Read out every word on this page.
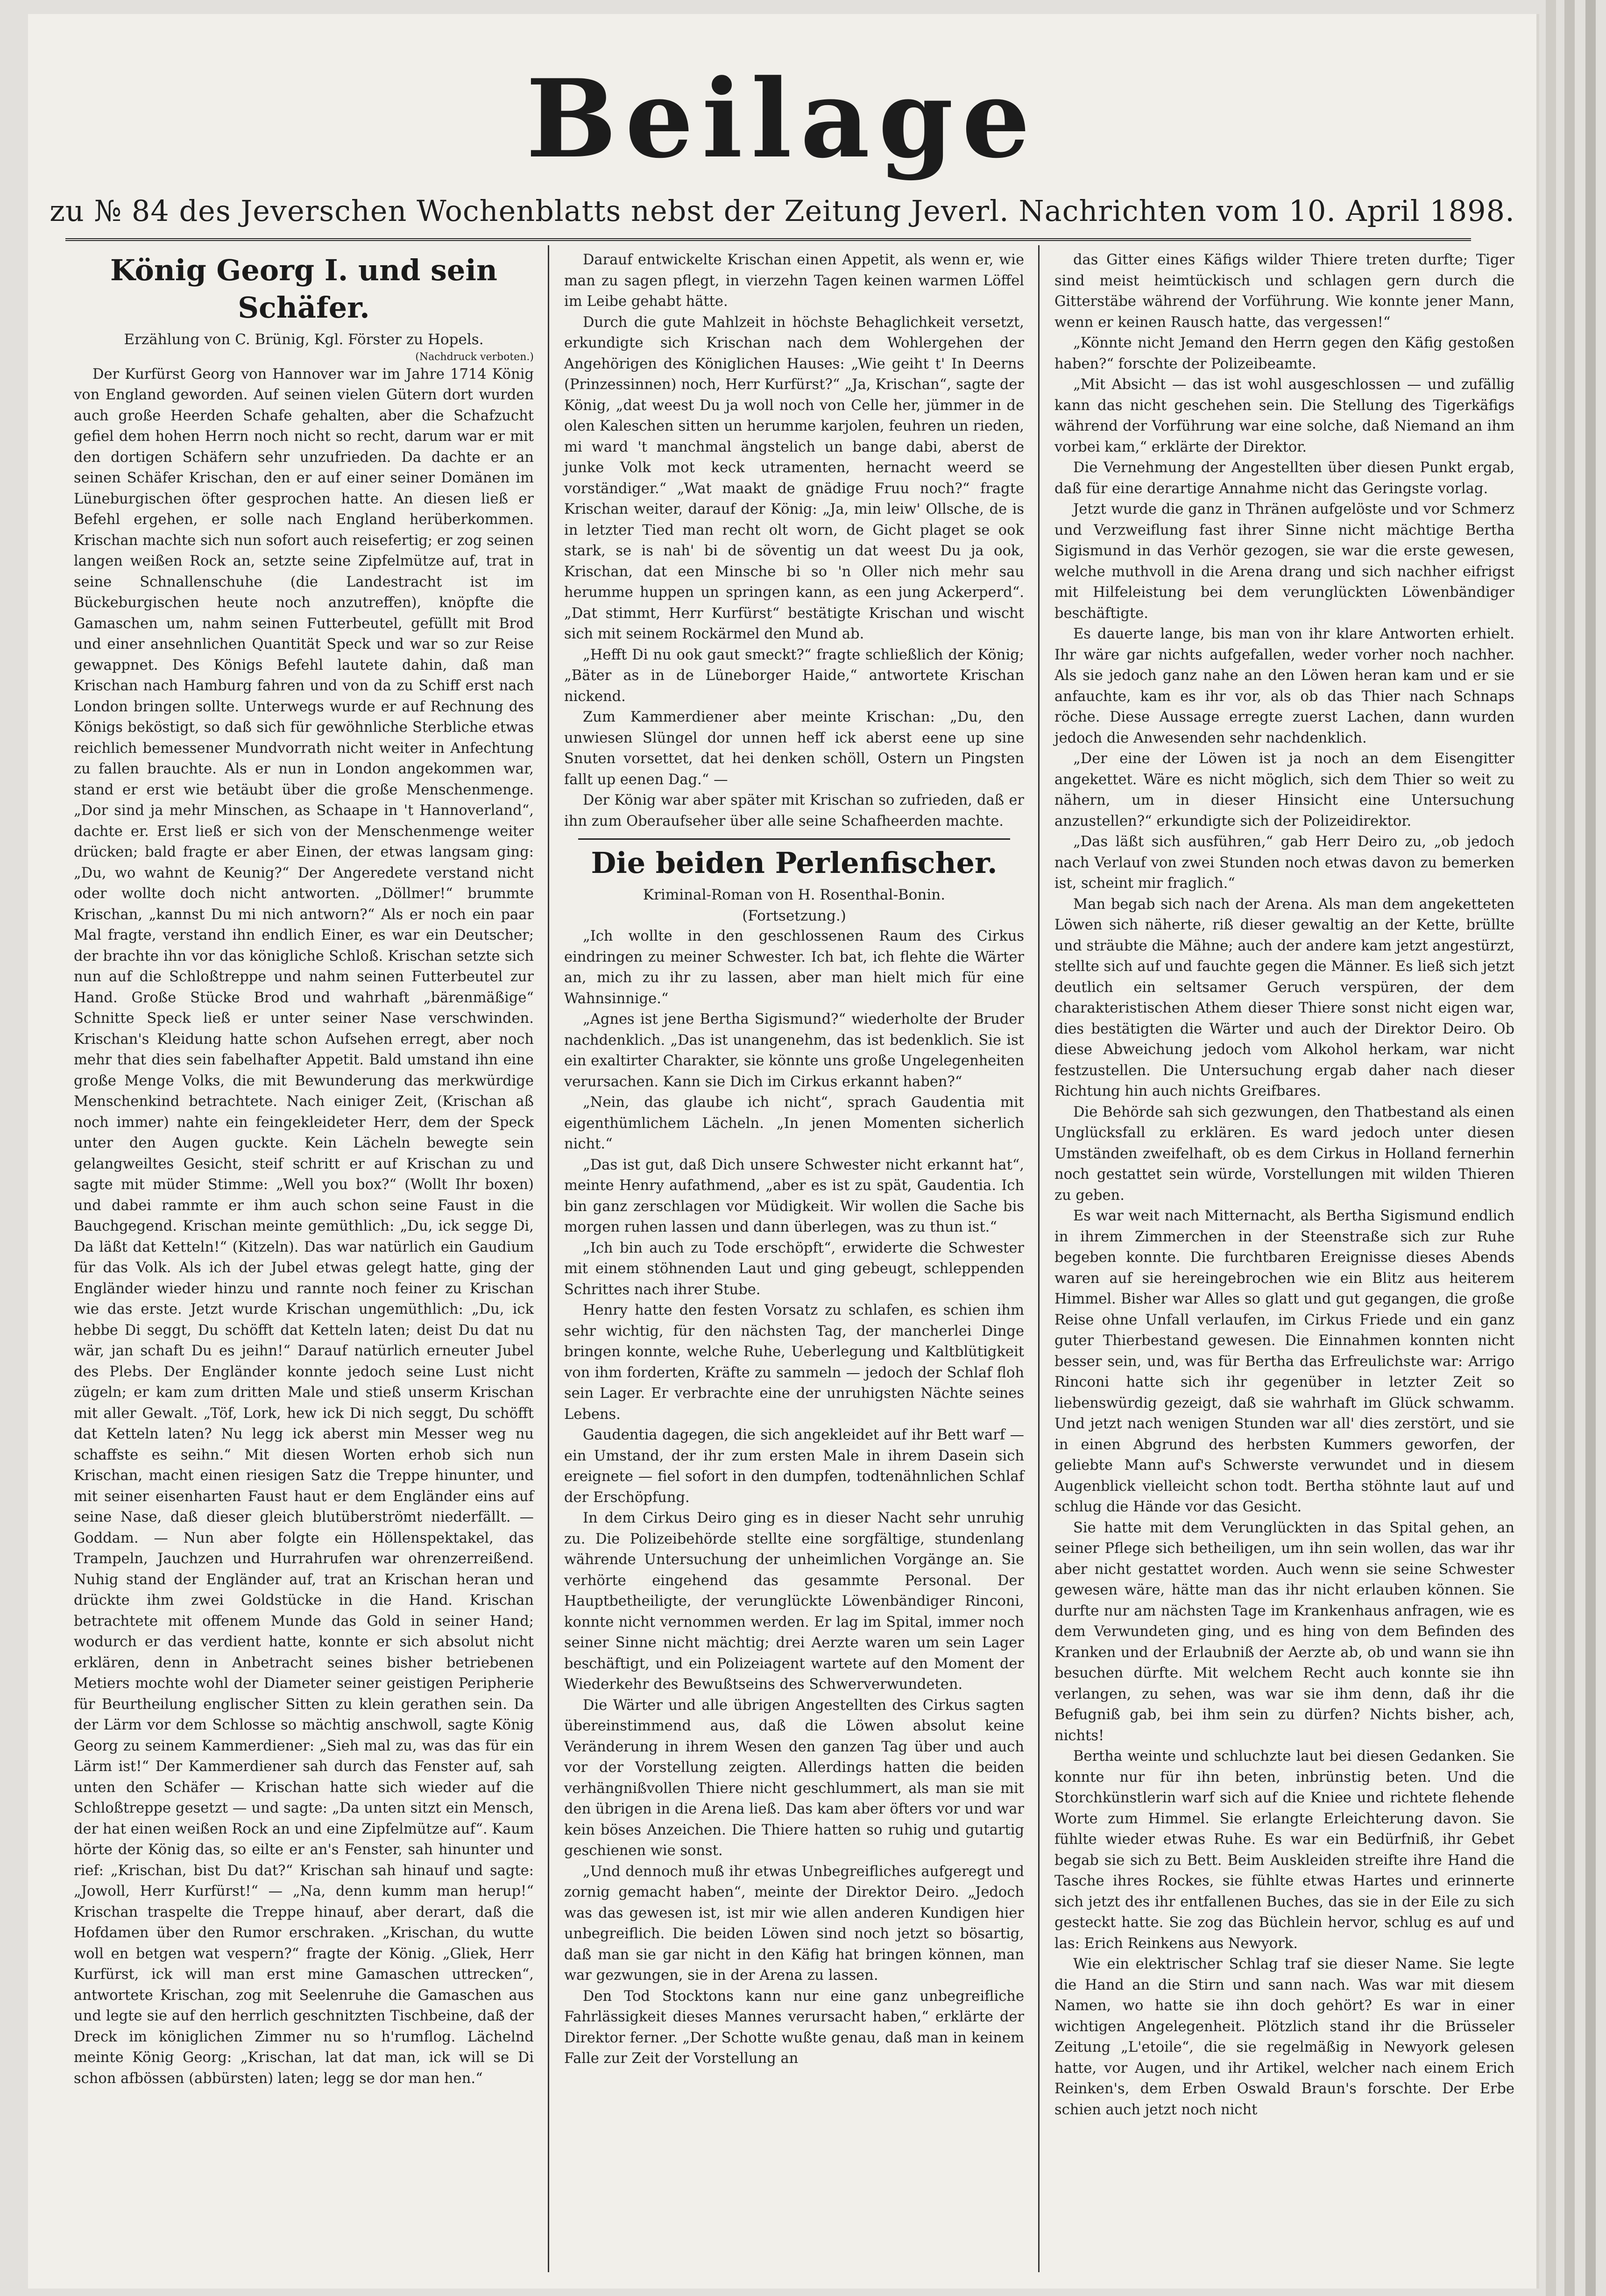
Beilage
zu № 84 des Jeverschen Wochenblatts nebst der Zeitung Jeverl. Nachrichten vom 10. April 1898.
König Georg I. und sein Schäfer.

Erzählung von C. Brünig, Kgl. Förster zu Hopels.

(Nachdruck verboten.)

Der Kurfürst Georg von Hannover war im Jahre 1714 König von England geworden. Auf seinen vielen Gütern dort wurden auch große Heerden Schafe gehalten, aber die Schafzucht gefiel dem hohen Herrn noch nicht so recht, darum war er mit den dortigen Schäfern sehr unzufrieden. Da dachte er an seinen Schäfer Krischan, den er auf einer seiner Domänen im Lüneburgischen öfter gesprochen hatte. An diesen ließ er Befehl ergehen, er solle nach England herüberkommen. Krischan machte sich nun sofort auch reisefertig; er zog seinen langen weißen Rock an, setzte seine Zipfelmütze auf, trat in seine Schnallenschuhe (die Landestracht ist im Bückeburgischen heute noch anzutreffen), knöpfte die Gamaschen um, nahm seinen Futterbeutel, gefüllt mit Brod und einer ansehnlichen Quantität Speck und war so zur Reise gewappnet. Des Königs Befehl lautete dahin, daß man Krischan nach Hamburg fahren und von da zu Schiff erst nach London bringen sollte. Unterwegs wurde er auf Rechnung des Königs beköstigt, so daß sich für gewöhnliche Sterbliche etwas reichlich bemessener Mundvorrath nicht weiter in Anfechtung zu fallen brauchte. Als er nun in London angekommen war, stand er erst wie betäubt über die große Menschenmenge. „Dor sind ja mehr Minschen, as Schaape in 't Hannoverland“, dachte er. Erst ließ er sich von der Menschenmenge weiter drücken; bald fragte er aber Einen, der etwas langsam ging: „Du, wo wahnt de Keunig?“ Der Angeredete verstand nicht oder wollte doch nicht antworten. „Döllmer!“ brummte Krischan, „kannst Du mi nich antworn?“ Als er noch ein paar Mal fragte, verstand ihn endlich Einer, es war ein Deutscher; der brachte ihn vor das königliche Schloß. Krischan setzte sich nun auf die Schloßtreppe und nahm seinen Futterbeutel zur Hand. Große Stücke Brod und wahrhaft „bärenmäßige“ Schnitte Speck ließ er unter seiner Nase verschwinden. Krischan's Kleidung hatte schon Aufsehen erregt, aber noch mehr that dies sein fabelhafter Appetit. Bald umstand ihn eine große Menge Volks, die mit Bewunderung das merkwürdige Menschenkind betrachtete. Nach einiger Zeit, (Krischan aß noch immer) nahte ein feingekleideter Herr, dem der Speck unter den Augen guckte. Kein Lächeln bewegte sein gelangweiltes Gesicht, steif schritt er auf Krischan zu und sagte mit müder Stimme: „Well you box?“ (Wollt Ihr boxen) und dabei rammte er ihm auch schon seine Faust in die Bauchgegend. Krischan meinte gemüthlich: „Du, ick segge Di, Da läßt dat Ketteln!“ (Kitzeln). Das war natürlich ein Gaudium für das Volk. Als ich der Jubel etwas gelegt hatte, ging der Engländer wieder hinzu und rannte noch feiner zu Krischan wie das erste. Jetzt wurde Krischan ungemüthlich: „Du, ick hebbe Di seggt, Du schöfft dat Ketteln laten; deist Du dat nu wär, jan schaft Du es jeihn!“ Darauf natürlich erneuter Jubel des Plebs. Der Engländer konnte jedoch seine Lust nicht zügeln; er kam zum dritten Male und stieß unserm Krischan mit aller Gewalt. „Töf, Lork, hew ick Di nich seggt, Du schöfft dat Ketteln laten? Nu legg ick aberst min Messer weg nu schaffste es seihn.“ Mit diesen Worten erhob sich nun Krischan, macht einen riesigen Satz die Treppe hinunter, und mit seiner eisenharten Faust haut er dem Engländer eins auf seine Nase, daß dieser gleich blutüberströmt niederfällt. — Goddam. — Nun aber folgte ein Höllenspektakel, das Trampeln, Jauchzen und Hurrahrufen war ohrenzerreißend. Nuhig stand der Engländer auf, trat an Krischan heran und drückte ihm zwei Goldstücke in die Hand. Krischan betrachtete mit offenem Munde das Gold in seiner Hand; wodurch er das verdient hatte, konnte er sich absolut nicht erklären, denn in Anbetracht seines bisher betriebenen Metiers mochte wohl der Diameter seiner geistigen Peripherie für Beurtheilung englischer Sitten zu klein gerathen sein. Da der Lärm vor dem Schlosse so mächtig anschwoll, sagte König Georg zu seinem Kammerdiener: „Sieh mal zu, was das für ein Lärm ist!“ Der Kammerdiener sah durch das Fenster auf, sah unten den Schäfer — Krischan hatte sich wieder auf die Schloßtreppe gesetzt — und sagte: „Da unten sitzt ein Mensch, der hat einen weißen Rock an und eine Zipfelmütze auf“. Kaum hörte der König das, so eilte er an's Fenster, sah hinunter und rief: „Krischan, bist Du dat?“ Krischan sah hinauf und sagte: „Jowoll, Herr Kurfürst!“ — „Na, denn kumm man herup!“ Krischan traspelte die Treppe hinauf, aber derart, daß die Hofdamen über den Rumor erschraken. „Krischan, du wutte woll en betgen wat vespern?“ fragte der König. „Gliek, Herr Kurfürst, ick will man erst mine Gamaschen uttrecken“, antwortete Krischan, zog mit Seelenruhe die Gamaschen aus und legte sie auf den herrlich geschnitzten Tischbeine, daß der Dreck im königlichen Zimmer nu so h'rumflog. Lächelnd meinte König Georg: „Krischan, lat dat man, ick will se Di schon afbössen (abbürsten) laten; legg se dor man hen.“

Darauf entwickelte Krischan einen Appetit, als wenn er, wie man zu sagen pflegt, in vierzehn Tagen keinen warmen Löffel im Leibe gehabt hätte.

Durch die gute Mahlzeit in höchste Behaglichkeit versetzt, erkundigte sich Krischan nach dem Wohlergehen der Angehörigen des Königlichen Hauses: „Wie geiht t' In Deerns (Prinzessinnen) noch, Herr Kurfürst?“ „Ja, Krischan“, sagte der König, „dat weest Du ja woll noch von Celle her, jümmer in de olen Kaleschen sitten un herumme karjolen, feuhren un rieden, mi ward 't manchmal ängstelich un bange dabi, aberst de junke Volk mot keck utramenten, hernacht weerd se vorständiger.“ „Wat maakt de gnädige Fruu noch?“ fragte Krischan weiter, darauf der König: „Ja, min leiw' Ollsche, de is in letzter Tied man recht olt worn, de Gicht plaget se ook stark, se is nah' bi de söventig un dat weest Du ja ook, Krischan, dat een Minsche bi so 'n Oller nich mehr sau herumme huppen un springen kann, as een jung Ackerperd“. „Dat stimmt, Herr Kurfürst“ bestätigte Krischan und wischt sich mit seinem Rockärmel den Mund ab.

„Hefft Di nu ook gaut smeckt?“ fragte schließlich der König; „Bäter as in de Lüneborger Haide,“ antwortete Krischan nickend.

Zum Kammerdiener aber meinte Krischan: „Du, den unwiesen Slüngel dor unnen heff ick aberst eene up sine Snuten vorsettet, dat hei denken schöll, Ostern un Pingsten fallt up eenen Dag.“ —

Der König war aber später mit Krischan so zufrieden, daß er ihn zum Oberaufseher über alle seine Schafheerden machte.

Die beiden Perlenfischer.

Kriminal-Roman von H. Rosenthal-Bonin.

(Fortsetzung.)

„Ich wollte in den geschlossenen Raum des Cirkus eindringen zu meiner Schwester. Ich bat, ich flehte die Wärter an, mich zu ihr zu lassen, aber man hielt mich für eine Wahnsinnige.“

„Agnes ist jene Bertha Sigismund?“ wiederholte der Bruder nachdenklich. „Das ist unangenehm, das ist bedenklich. Sie ist ein exaltirter Charakter, sie könnte uns große Ungelegenheiten verursachen. Kann sie Dich im Cirkus erkannt haben?“

„Nein, das glaube ich nicht“, sprach Gaudentia mit eigenthümlichem Lächeln. „In jenen Momenten sicherlich nicht.“

„Das ist gut, daß Dich unsere Schwester nicht erkannt hat“, meinte Henry aufathmend, „aber es ist zu spät, Gaudentia. Ich bin ganz zerschlagen vor Müdigkeit. Wir wollen die Sache bis morgen ruhen lassen und dann überlegen, was zu thun ist.“

„Ich bin auch zu Tode erschöpft“, erwiderte die Schwester mit einem stöhnenden Laut und ging gebeugt, schleppenden Schrittes nach ihrer Stube.

Henry hatte den festen Vorsatz zu schlafen, es schien ihm sehr wichtig, für den nächsten Tag, der mancherlei Dinge bringen konnte, welche Ruhe, Ueberlegung und Kaltblütigkeit von ihm forderten, Kräfte zu sammeln — jedoch der Schlaf floh sein Lager. Er verbrachte eine der unruhigsten Nächte seines Lebens.

Gaudentia dagegen, die sich angekleidet auf ihr Bett warf — ein Umstand, der ihr zum ersten Male in ihrem Dasein sich ereignete — fiel sofort in den dumpfen, todtenähnlichen Schlaf der Erschöpfung.

In dem Cirkus Deiro ging es in dieser Nacht sehr unruhig zu. Die Polizeibehörde stellte eine sorgfältige, stundenlang währende Untersuchung der unheimlichen Vorgänge an. Sie verhörte eingehend das gesammte Personal. Der Hauptbetheiligte, der verunglückte Löwenbändiger Rinconi, konnte nicht vernommen werden. Er lag im Spital, immer noch seiner Sinne nicht mächtig; drei Aerzte waren um sein Lager beschäftigt, und ein Polizeiagent wartete auf den Moment der Wiederkehr des Bewußtseins des Schwerverwundeten.

Die Wärter und alle übrigen Angestellten des Cirkus sagten übereinstimmend aus, daß die Löwen absolut keine Veränderung in ihrem Wesen den ganzen Tag über und auch vor der Vorstellung zeigten. Allerdings hatten die beiden verhängnißvollen Thiere nicht geschlummert, als man sie mit den übrigen in die Arena ließ. Das kam aber öfters vor und war kein böses Anzeichen. Die Thiere hatten so ruhig und gutartig geschienen wie sonst.

„Und dennoch muß ihr etwas Unbegreifliches aufgeregt und zornig gemacht haben“, meinte der Direktor Deiro. „Jedoch was das gewesen ist, ist mir wie allen anderen Kundigen hier unbegreiflich. Die beiden Löwen sind noch jetzt so bösartig, daß man sie gar nicht in den Käfig hat bringen können, man war gezwungen, sie in der Arena zu lassen.

Den Tod Stocktons kann nur eine ganz unbegreifliche Fahrlässigkeit dieses Mannes verursacht haben,“ erklärte der Direktor ferner. „Der Schotte wußte genau, daß man in keinem Falle zur Zeit der Vorstellung an

das Gitter eines Käfigs wilder Thiere treten durfte; Tiger sind meist heimtückisch und schlagen gern durch die Gitterstäbe während der Vorführung. Wie konnte jener Mann, wenn er keinen Rausch hatte, das vergessen!“

„Könnte nicht Jemand den Herrn gegen den Käfig gestoßen haben?“ forschte der Polizeibeamte.

„Mit Absicht — das ist wohl ausgeschlossen — und zufällig kann das nicht geschehen sein. Die Stellung des Tigerkäfigs während der Vorführung war eine solche, daß Niemand an ihm vorbei kam,“ erklärte der Direktor.

Die Vernehmung der Angestellten über diesen Punkt ergab, daß für eine derartige Annahme nicht das Geringste vorlag.

Jetzt wurde die ganz in Thränen aufgelöste und vor Schmerz und Verzweiflung fast ihrer Sinne nicht mächtige Bertha Sigismund in das Verhör gezogen, sie war die erste gewesen, welche muthvoll in die Arena drang und sich nachher eifrigst mit Hilfeleistung bei dem verunglückten Löwenbändiger beschäftigte.

Es dauerte lange, bis man von ihr klare Antworten erhielt. Ihr wäre gar nichts aufgefallen, weder vorher noch nachher. Als sie jedoch ganz nahe an den Löwen heran kam und er sie anfauchte, kam es ihr vor, als ob das Thier nach Schnaps röche. Diese Aussage erregte zuerst Lachen, dann wurden jedoch die Anwesenden sehr nachdenklich.

„Der eine der Löwen ist ja noch an dem Eisengitter angekettet. Wäre es nicht möglich, sich dem Thier so weit zu nähern, um in dieser Hinsicht eine Untersuchung anzustellen?“ erkundigte sich der Polizeidirektor.

„Das läßt sich ausführen,“ gab Herr Deiro zu, „ob jedoch nach Verlauf von zwei Stunden noch etwas davon zu bemerken ist, scheint mir fraglich.“

Man begab sich nach der Arena. Als man dem angeketteten Löwen sich näherte, riß dieser gewaltig an der Kette, brüllte und sträubte die Mähne; auch der andere kam jetzt angestürzt, stellte sich auf und fauchte gegen die Männer. Es ließ sich jetzt deutlich ein seltsamer Geruch verspüren, der dem charakteristischen Athem dieser Thiere sonst nicht eigen war, dies bestätigten die Wärter und auch der Direktor Deiro. Ob diese Abweichung jedoch vom Alkohol herkam, war nicht festzustellen. Die Untersuchung ergab daher nach dieser Richtung hin auch nichts Greifbares.

Die Behörde sah sich gezwungen, den Thatbestand als einen Unglücksfall zu erklären. Es ward jedoch unter diesen Umständen zweifelhaft, ob es dem Cirkus in Holland fernerhin noch gestattet sein würde, Vorstellungen mit wilden Thieren zu geben.

Es war weit nach Mitternacht, als Bertha Sigismund endlich in ihrem Zimmerchen in der Steenstraße sich zur Ruhe begeben konnte. Die furchtbaren Ereignisse dieses Abends waren auf sie hereingebrochen wie ein Blitz aus heiterem Himmel. Bisher war Alles so glatt und gut gegangen, die große Reise ohne Unfall verlaufen, im Cirkus Friede und ein ganz guter Thierbestand gewesen. Die Einnahmen konnten nicht besser sein, und, was für Bertha das Erfreulichste war: Arrigo Rinconi hatte sich ihr gegenüber in letzter Zeit so liebenswürdig gezeigt, daß sie wahrhaft im Glück schwamm. Und jetzt nach wenigen Stunden war all' dies zerstört, und sie in einen Abgrund des herbsten Kummers geworfen, der geliebte Mann auf's Schwerste verwundet und in diesem Augenblick vielleicht schon todt. Bertha stöhnte laut auf und schlug die Hände vor das Gesicht.

Sie hatte mit dem Verunglückten in das Spital gehen, an seiner Pflege sich betheiligen, um ihn sein wollen, das war ihr aber nicht gestattet worden. Auch wenn sie seine Schwester gewesen wäre, hätte man das ihr nicht erlauben können. Sie durfte nur am nächsten Tage im Krankenhaus anfragen, wie es dem Verwundeten ging, und es hing von dem Befinden des Kranken und der Erlaubniß der Aerzte ab, ob und wann sie ihn besuchen dürfte. Mit welchem Recht auch konnte sie ihn verlangen, zu sehen, was war sie ihm denn, daß ihr die Befugniß gab, bei ihm sein zu dürfen? Nichts bisher, ach, nichts!

Bertha weinte und schluchzte laut bei diesen Gedanken. Sie konnte nur für ihn beten, inbrünstig beten. Und die Storchkünstlerin warf sich auf die Kniee und richtete flehende Worte zum Himmel. Sie erlangte Erleichterung davon. Sie fühlte wieder etwas Ruhe. Es war ein Bedürfniß, ihr Gebet begab sie sich zu Bett. Beim Auskleiden streifte ihre Hand die Tasche ihres Rockes, sie fühlte etwas Hartes und erinnerte sich jetzt des ihr entfallenen Buches, das sie in der Eile zu sich gesteckt hatte. Sie zog das Büchlein hervor, schlug es auf und las: Erich Reinkens aus Newyork.

Wie ein elektrischer Schlag traf sie dieser Name. Sie legte die Hand an die Stirn und sann nach. Was war mit diesem Namen, wo hatte sie ihn doch gehört? Es war in einer wichtigen Angelegenheit. Plötzlich stand ihr die Brüsseler Zeitung „L'etoile“, die sie regelmäßig in Newyork gelesen hatte, vor Augen, und ihr Artikel, welcher nach einem Erich Reinken's, dem Erben Oswald Braun's forschte. Der Erbe schien auch jetzt noch nicht
